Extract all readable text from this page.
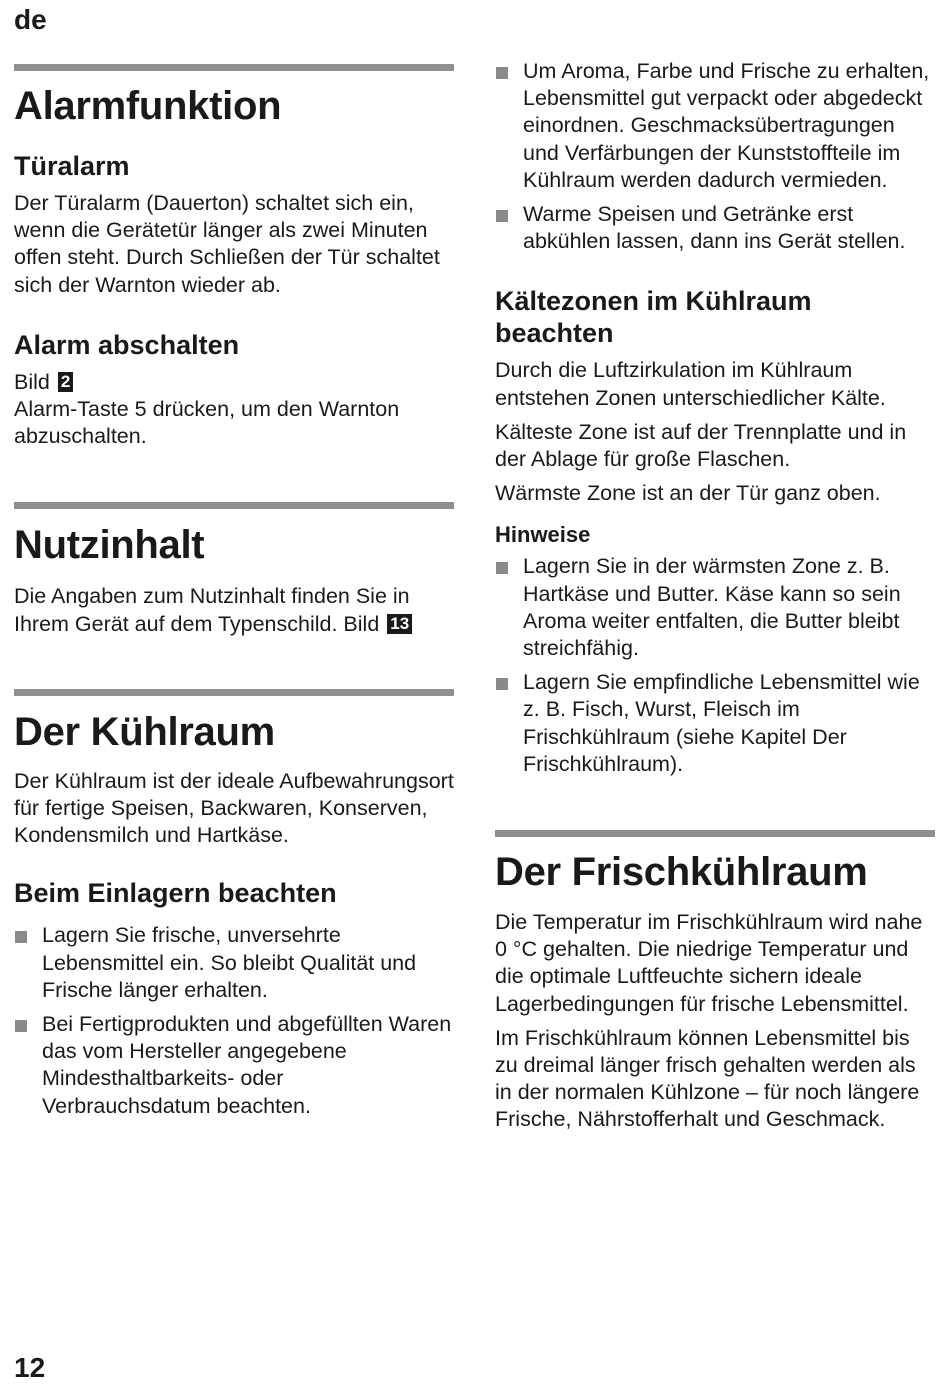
de
Alarmfunktion
Türalarm

Der Türalarm (Dauerton) schaltet sich ein, wenn die Gerätetür länger als zwei Minuten offen steht. Durch Schließen der Tür schaltet sich der Warnton wieder ab.

Alarm abschalten

Bild 2

Alarm-Taste 5 drücken, um den Warnton abzuschalten.

Nutzinhalt

Die Angaben zum Nutzinhalt finden Sie in Ihrem Gerät auf dem Typenschild. Bild 13

Der Kühlraum

Der Kühlraum ist der ideale Aufbewahrungsort für fertige Speisen, Backwaren, Konserven, Kondensmilch und Hartkäse.

Beim Einlagern beachten
Lagern Sie frische, unversehrte Lebensmittel ein. So bleibt Qualität und Frische länger erhalten.
Bei Fertigprodukten und abgefüllten Waren das vom Hersteller angegebene Mindesthaltbarkeits- oder Verbrauchsdatum beachten.
Um Aroma, Farbe und Frische zu erhalten, Lebensmittel gut verpackt oder abgedeckt einordnen. Geschmacksübertragungen und Verfärbungen der Kunststoffteile im Kühlraum werden dadurch vermieden.
Warme Speisen und Getränke erst abkühlen lassen, dann ins Gerät stellen.
Kältezonen im Kühlraum beachten

Durch die Luftzirkulation im Kühlraum entstehen Zonen unterschiedlicher Kälte.

Kälteste Zone ist auf der Trennplatte und in der Ablage für große Flaschen.

Wärmste Zone ist an der Tür ganz oben.

Hinweise
Lagern Sie in der wärmsten Zone z. B. Hartkäse und Butter. Käse kann so sein Aroma weiter entfalten, die Butter bleibt streichfähig.
Lagern Sie empfindliche Lebensmittel wie z. B. Fisch, Wurst, Fleisch im Frischkühlraum (siehe Kapitel Der Frischkühlraum).
Der Frischkühlraum

Die Temperatur im Frischkühlraum wird nahe 0 °C gehalten. Die niedrige Temperatur und die optimale Luftfeuchte sichern ideale Lagerbedingungen für frische Lebensmittel.

Im Frischkühlraum können Lebensmittel bis zu dreimal länger frisch gehalten werden als in der normalen Kühlzone – für noch längere Frische, Nährstofferhalt und Geschmack.

12
